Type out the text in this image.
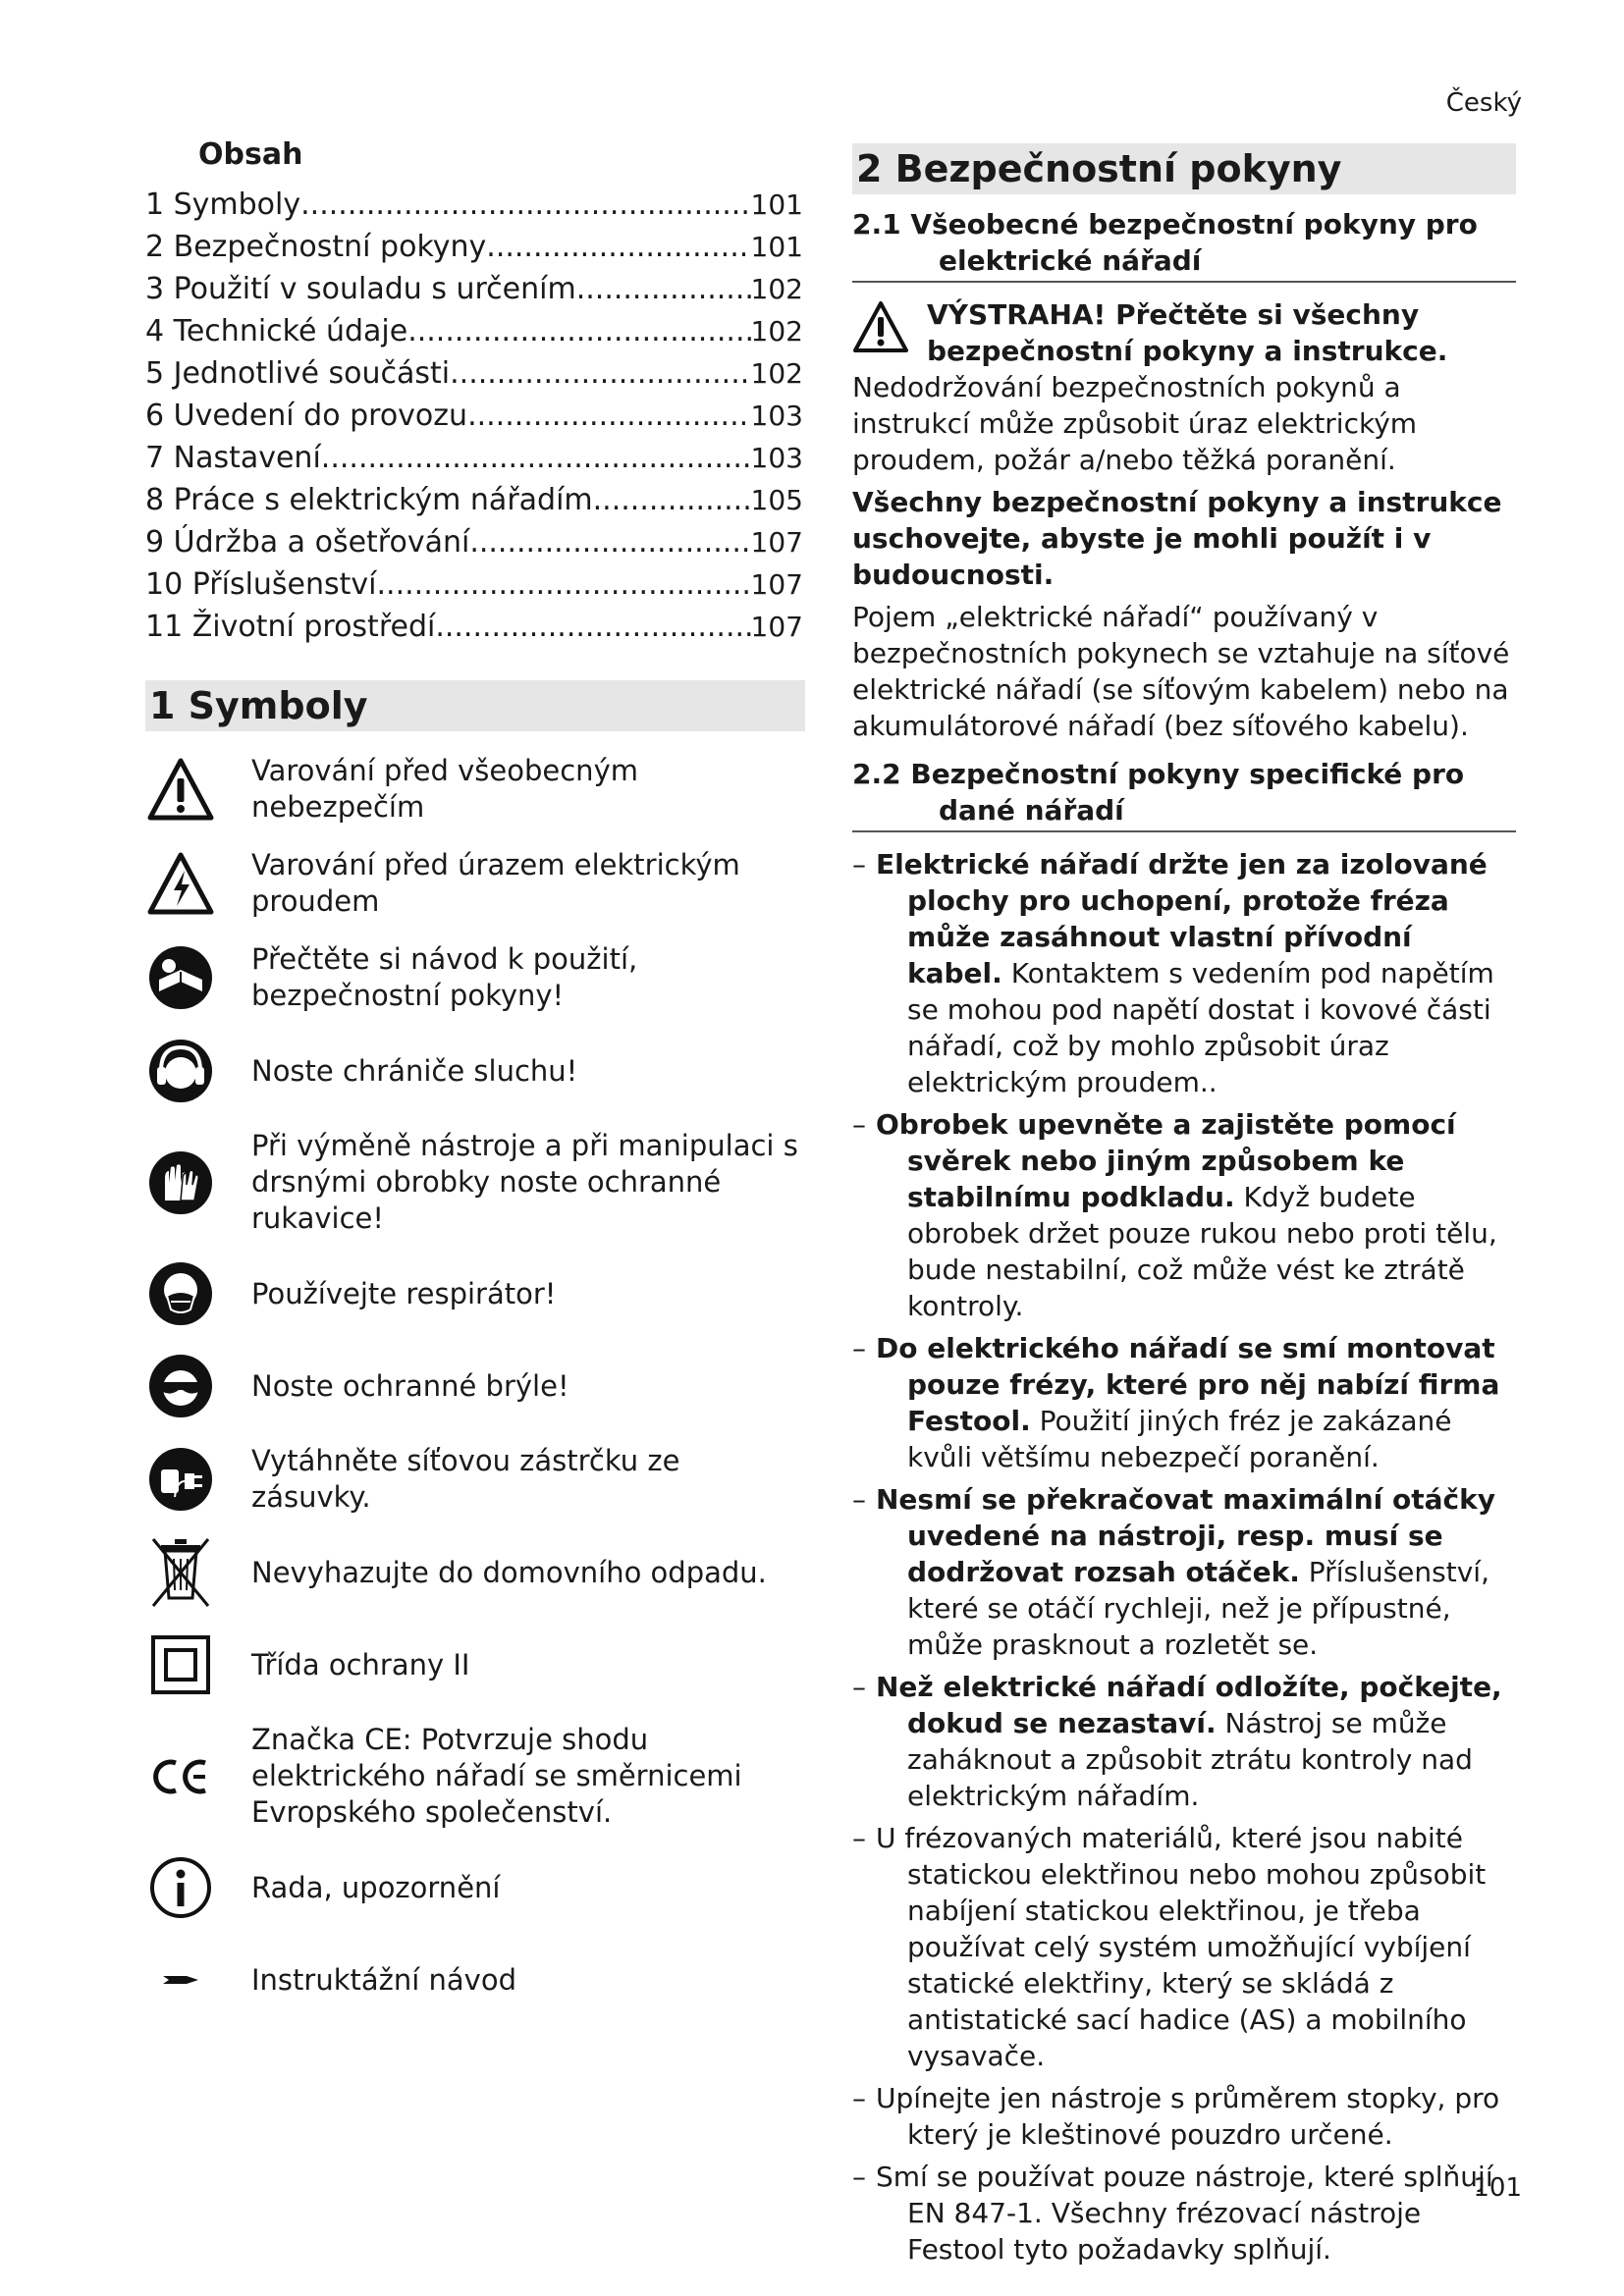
Český
Obsah
1 Symboly .....	101
2 Bezpečnostní pokyny .....	101
3 Použití v souladu s určením .....	102
4 Technické údaje .....	102
5 Jednotlivé součásti .....	102
6 Uvedení do provozu .....	103
7 Nastavení .....	103
8 Práce s elektrickým nářadím .....	105
9 Údržba a ošetřování .....	107
10 Příslušenství .....	107
11 Životní prostředí .....	107
1 Symboly
Varování před všeobecným nebezpečím
Varování před úrazem elektrickým proudem
Přečtěte si návod k použití, bezpečnostní pokyny!
Noste chrániče sluchu!
Při výměně nástroje a při manipulaci s drsnými obrobky noste ochranné rukavice!
Používejte respirátor!
Noste ochranné brýle!
Vytáhněte síťovou zástrčku ze zásuvky.
Nevyhazujte do domovního odpadu.
Třída ochrany II
Značka CE: Potvrzuje shodu elektrického nářadí se směrnicemi Evropského společenství.
Rada, upozornění
Instruktážní návod
2 Bezpečnostní pokyny
2.1 Všeobecné bezpečnostní pokyny pro
elektrické nářadí
VÝSTRAHA! Přečtěte si všechny bezpečnostní pokyny a instrukce. Nedodržování bezpečnostních pokynů a instrukcí může způsobit úraz elektrickým proudem, požár a/nebo těžká poranění.
Všechny bezpečnostní pokyny a instrukce uschovejte, abyste je mohli použít i v budoucnosti.
Pojem „elektrické nářadí“ používaný v bezpečnostních pokynech se vztahuje na síťové elektrické nářadí (se síťovým kabelem) nebo na akumulátorové nářadí (bez síťového kabelu).
2.2 Bezpečnostní pokyny specifické pro
dané nářadí
– Elektrické nářadí držte jen za izolované plochy pro uchopení, protože fréza může zasáhnout vlastní přívodní kabel. Kontaktem s vedením pod napětím se mohou pod napětí dostat i kovové části nářadí, což by mohlo způsobit úraz elektrickým proudem..
– Obrobek upevněte a zajistěte pomocí svěrek nebo jiným způsobem ke stabilnímu podkladu. Když budete obrobek držet pouze rukou nebo proti tělu, bude nestabilní, což může vést ke ztrátě kontroly.
– Do elektrického nářadí se smí montovat pouze frézy, které pro něj nabízí firma Festool. Použití jiných fréz je zakázané kvůli většímu nebezpečí poranění.
– Nesmí se překračovat maximální otáčky uvedené na nástroji, resp. musí se dodržovat rozsah otáček. Příslušenství, které se otáčí rychleji, než je přípustné, může prasknout a rozletět se.
– Než elektrické nářadí odložíte, počkejte, dokud se nezastaví. Nástroj se může zaháknout a způsobit ztrátu kontroly nad elektrickým nářadím.
– U frézovaných materiálů, které jsou nabité statickou elektřinou nebo mohou způsobit nabíjení statickou elektřinou, je třeba používat celý systém umožňující vybíjení statické elektřiny, který se skládá z antistatické sací hadice (AS) a mobilního vysavače.
– Upínejte jen nástroje s průměrem stopky, pro který je kleštinové pouzdro určené.
– Smí se používat pouze nástroje, které splňují EN 847-1. Všechny frézovací nástroje Festool tyto požadavky splňují.
101
